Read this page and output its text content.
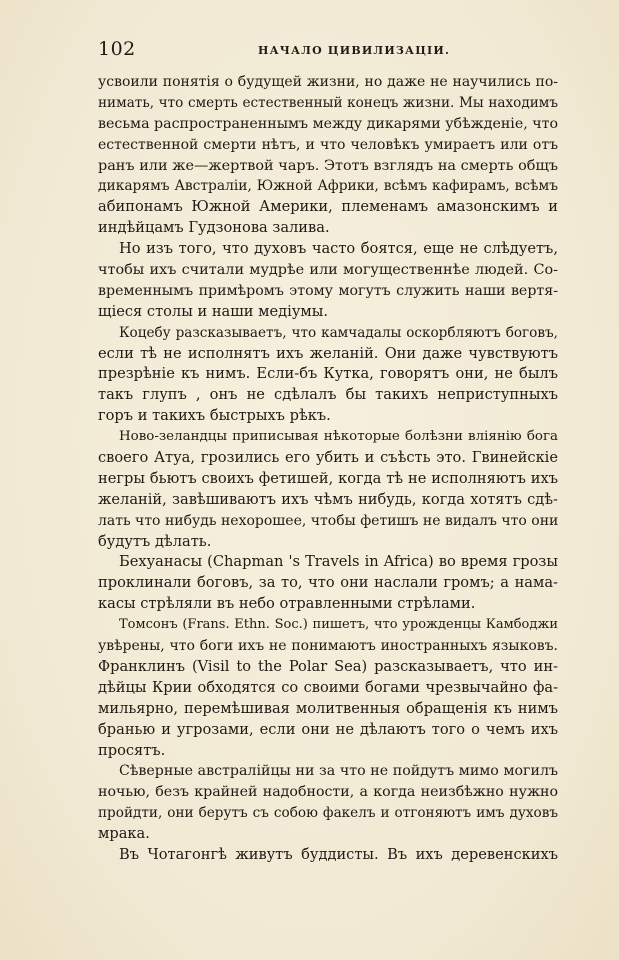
102	НАЧАЛО ЦИВИЛИЗАЦІИ.
усвоили понятія о будущей жизни, но даже не научились по-
нимать, что смерть естественный конецъ жизни. Мы находимъ
весьма распространеннымъ между дикарями убѣжденіе, что
естественной смерти нѣтъ, и что человѣкъ умираетъ или отъ
ранъ или же—жертвой чаръ. Этотъ взглядъ на смерть общъ
дикарямъ Австраліи, Южной Африки, всѣмъ кафирамъ, всѣмъ
абипонамъ Южной Америки, племенамъ амазонскимъ и
индѣйцамъ Гудзонова залива.
Но изъ того, что духовъ часто боятся, еще не слѣдуетъ,
чтобы ихъ считали мудрѣе или могущественнѣе людей. Со-
временнымъ примѣромъ этому могутъ служить наши вертя-
щіеся столы и наши медіумы.
Коцебу разсказываетъ, что камчадалы оскорбляютъ боговъ,
если тѣ не исполнятъ ихъ желаній. Они даже чувствуютъ
презрѣніе къ нимъ. Если-бъ Кутка, говорятъ они, не былъ
такъ глупъ , онъ не сдѣлалъ бы такихъ неприступныхъ
горъ и такихъ быстрыхъ рѣкъ.
Ново-зеландцы приписывая нѣкоторые болѣзни вліянію бога
своего Атуа, грозились его убить и съѣсть это. Гвинейскіе
негры бьютъ своихъ фетишей, когда тѣ не исполняютъ ихъ
желаній, завѣшиваютъ ихъ чѣмъ нибудь, когда хотятъ сдѣ-
лать что нибудь нехорошее, чтобы фетишъ не видалъ что они
будутъ дѣлать.
Бехуанасы (Chapman 's Travels in Africa) во время грозы
проклинали боговъ, за то, что они наслали громъ; а нама-
касы стрѣляли въ небо отравленными стрѣлами.
Томсонъ (Frans. Ethn. Soc.) пишетъ, что урожденцы Камбоджи
увѣрены, что боги ихъ не понимаютъ иностранныхъ языковъ.
Франклинъ (Visil to the Polar Sea) разсказываетъ, что ин-
дѣйцы Крии обходятся со своими богами чрезвычайно фа-
мильярно, перемѣшивая молитвенныя обращенія къ нимъ
бранью и угрозами, если они не дѣлаютъ того о чемъ ихъ
просятъ.
Сѣверные австралійцы ни за что не пойдутъ мимо могилъ
ночью, безъ крайней надобности, а когда неизбѣжно нужно
пройдти, они берутъ съ собою факелъ и отгоняютъ имъ духовъ
мрака.
Въ Чотагонгѣ живутъ буддисты. Въ ихъ деревенскихъ
